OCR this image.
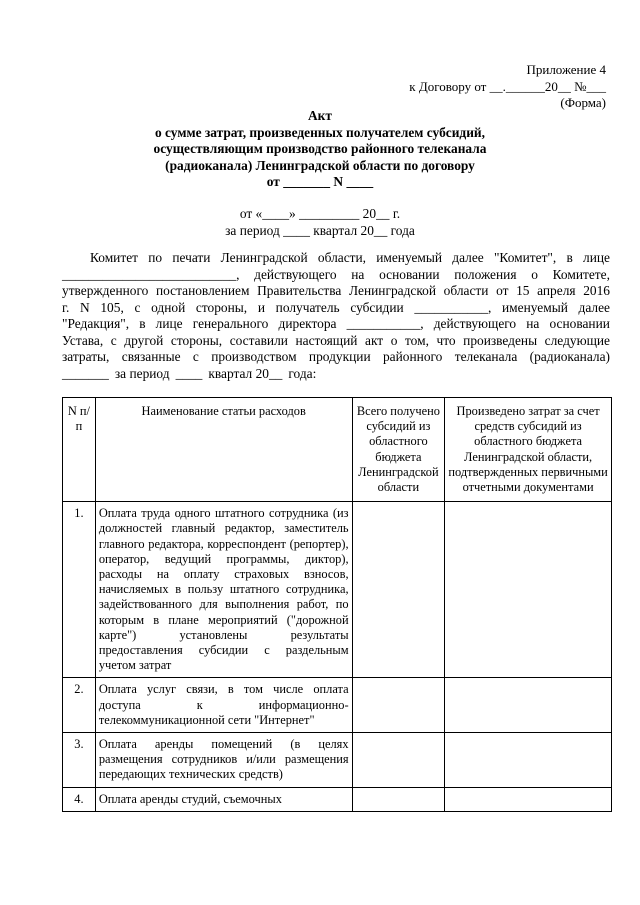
Приложение 4
к Договору от __.______20__ №___
(Форма)
Акт
о сумме затрат, произведенных получателем субсидий,
осуществляющим производство районного телеканала
(радиоканала) Ленинградской области по договору
от _______ N ____
от «____» _________ 20__ г.
за период ____ квартал 20__ года
Комитет по печати Ленинградской области, именуемый далее "Комитет", в лице
__________________________, действующего на основании положения о Комитете,
утвержденного постановлением Правительства Ленинградской области от 15 апреля 2016
г. N 105, с одной стороны, и получатель субсидии ___________, именуемый далее
"Редакция", в лице генерального директора ___________, действующего на основании
Устава, с другой стороны, составили настоящий акт о том, что произведены следующие
затраты, связанные с производством продукции районного телеканала (радиоканала)
_______ за период ____ квартал 20__ года:
N п/п	Наименование статьи расходов	Всего получено субсидий из областного бюджета Ленинградской области	Произведено затрат за счет средств субсидий из областного бюджета Ленинградской области, подтвержденных первичными отчетными документами
1.	Оплата труда одного штатного сотрудника (из должностей главный редактор, заместитель главного редактора, корреспондент (репортер), оператор, ведущий программы, диктор), расходы на оплату страховых взносов, начисляемых в пользу штатного сотрудника, задействованного для выполнения работ, по которым в плане мероприятий ("дорожной карте") установлены результаты предоставления субсидии с раздельным учетом затрат		
2.	Оплата услуг связи, в том числе оплата доступа к информационно-телекоммуникационной сети "Интернет"		
3.	Оплата аренды помещений (в целях размещения сотрудников и/или размещения передающих технических средств)		
4.	Оплата аренды студий, съемочных		
